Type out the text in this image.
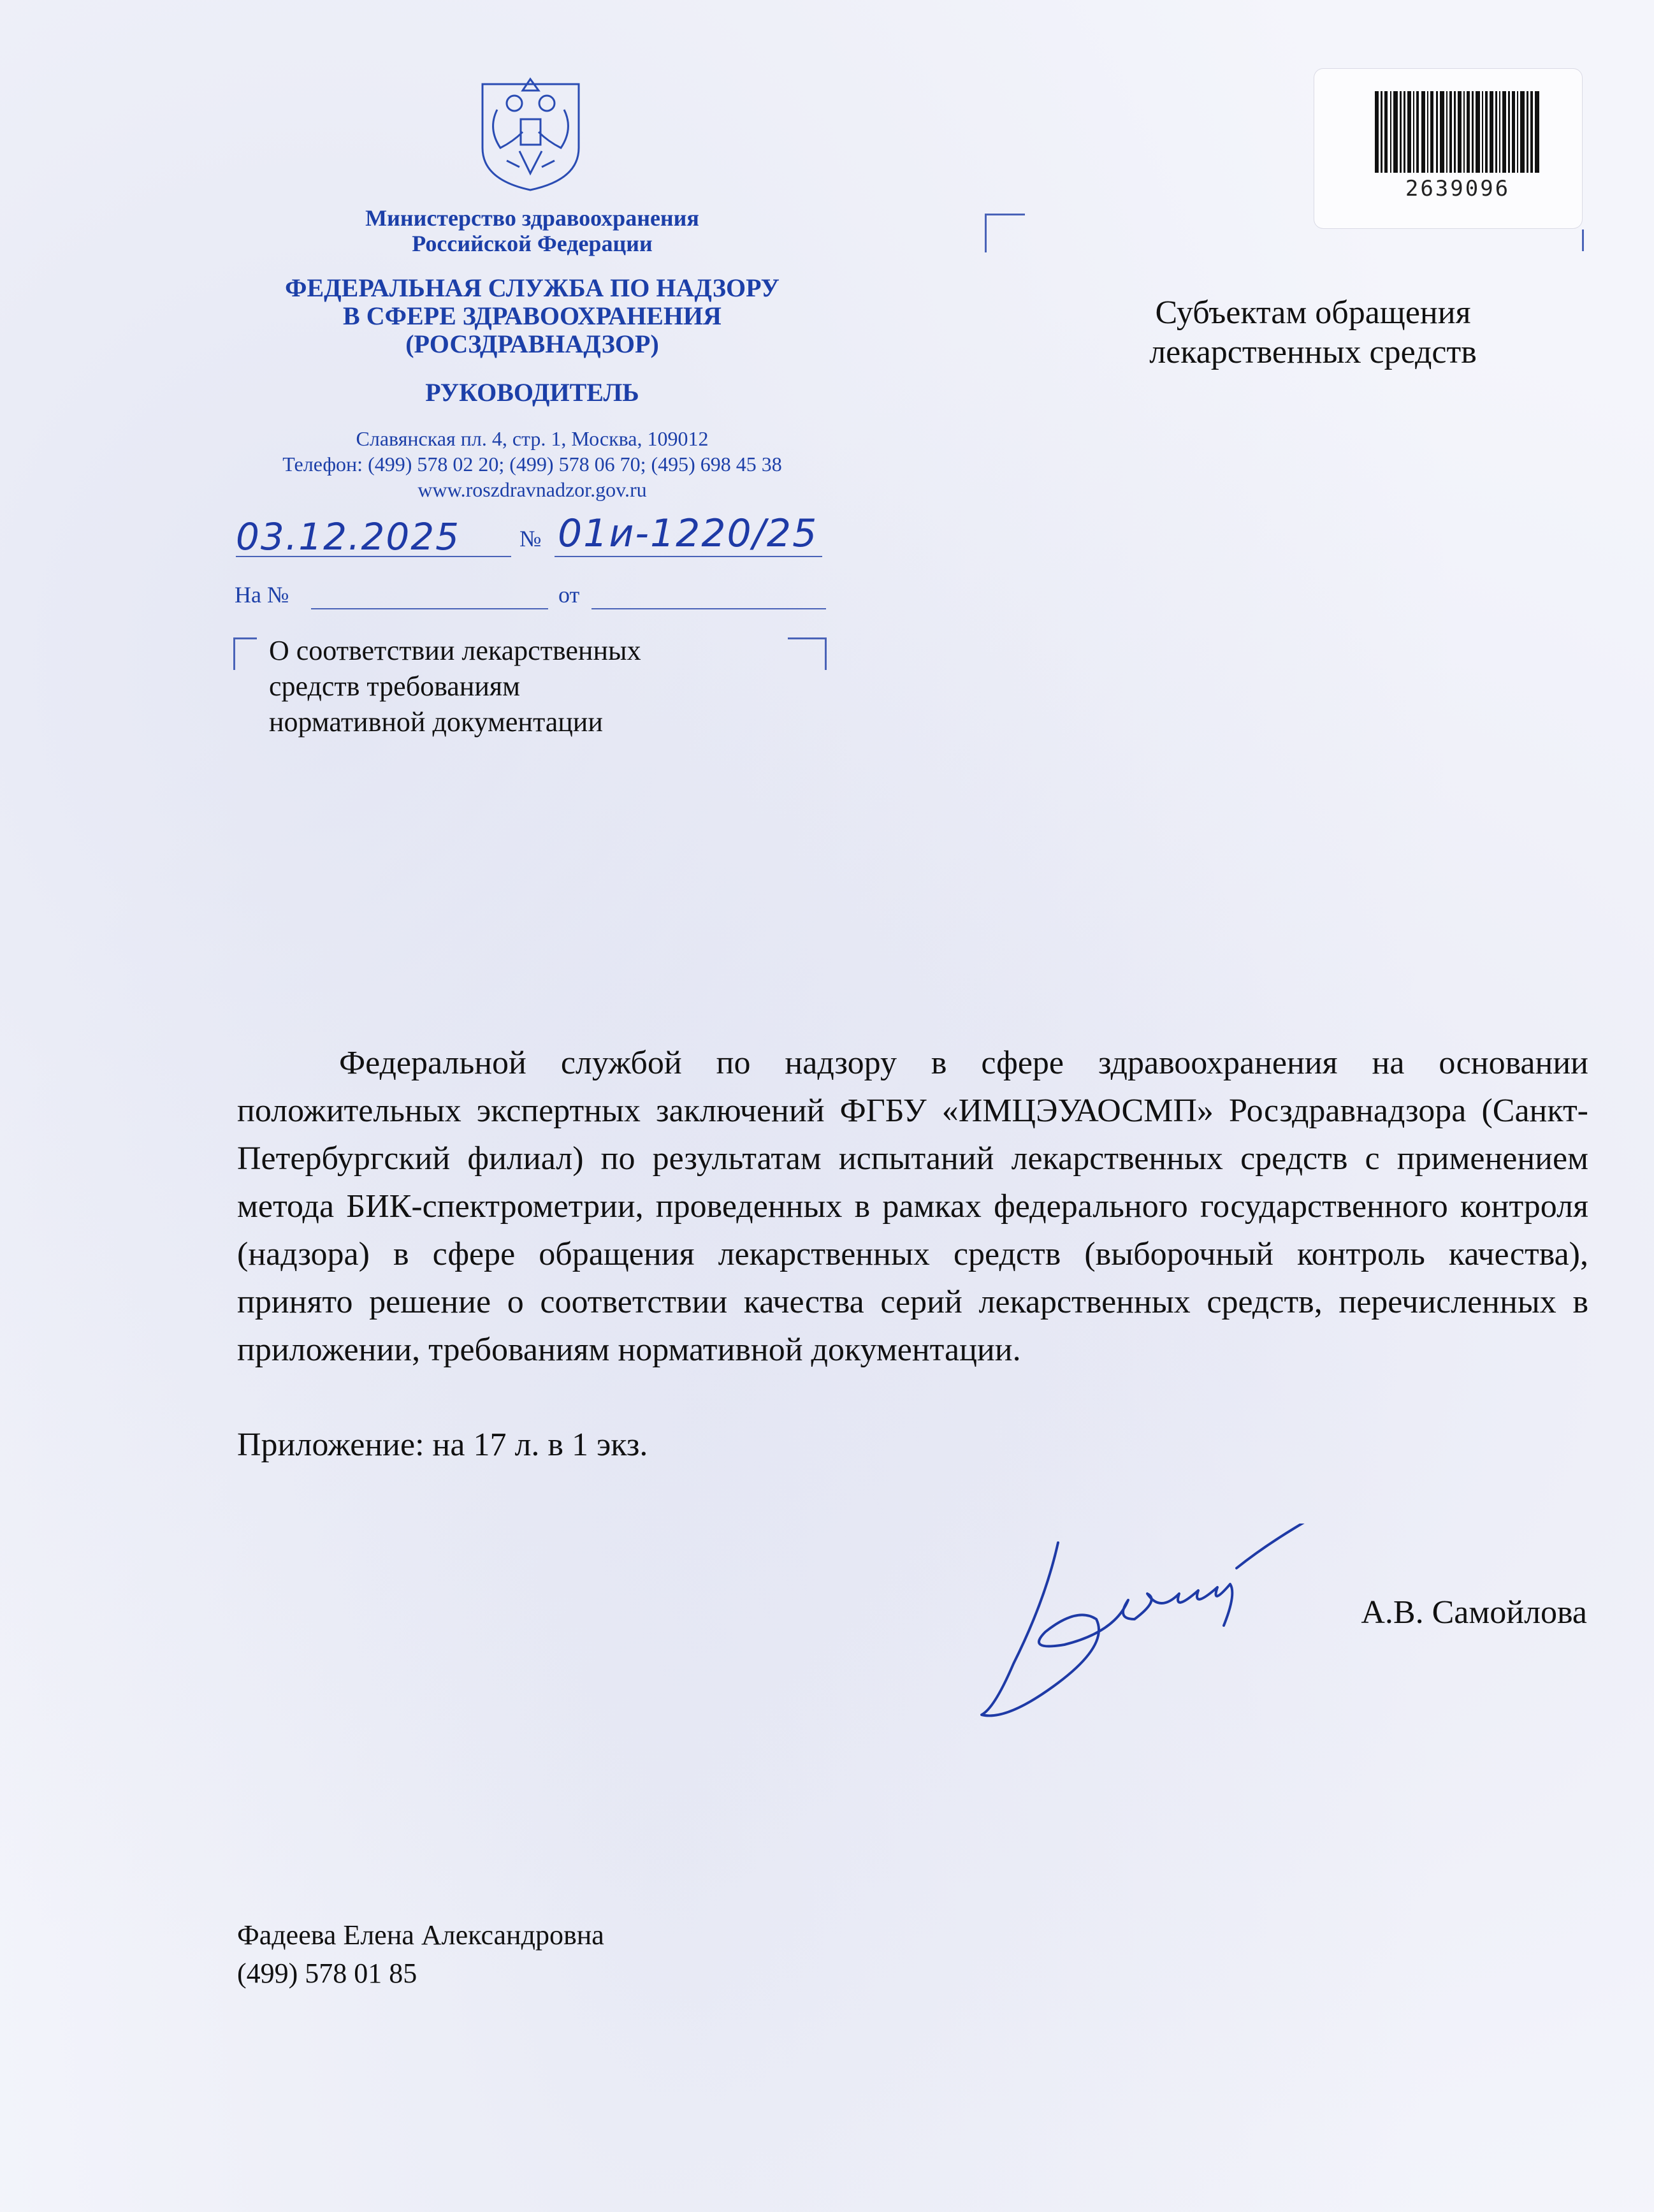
Министерство здравоохранения
Российской Федерации
ФЕДЕРАЛЬНАЯ СЛУЖБА ПО НАДЗОРУ
В СФЕРЕ ЗДРАВООХРАНЕНИЯ
(РОСЗДРАВНАДЗОР)
РУКОВОДИТЕЛЬ
Славянская пл. 4, стр. 1, Москва, 109012
Телефон: (499) 578 02 20; (499) 578 06 70; (495) 698 45 38
www.roszdravnadzor.gov.ru
03.12.2025	№ 01и-1220/25
На №	от
О соответствии лекарственных
средств требованиям
нормативной документации
Субъектам обращения
лекарственных средств
2639096
Федеральной службой по надзору в сфере здравоохранения на основании положительных экспертных заключений ФГБУ «ИМЦЭУАОСМП» Росздравнадзора (Санкт-Петербургский филиал) по результатам испытаний лекарственных средств с применением метода БИК-спектрометрии, проведенных в рамках федерального государственного контроля (надзора) в сфере обращения лекарственных средств (выборочный контроль качества), принято решение о соответствии качества серий лекарственных средств, перечисленных в приложении, требованиям нормативной документации.
Приложение: на 17 л. в 1 экз.
А.В. Самойлова
Фадеева Елена Александровна
(499) 578 01 85
